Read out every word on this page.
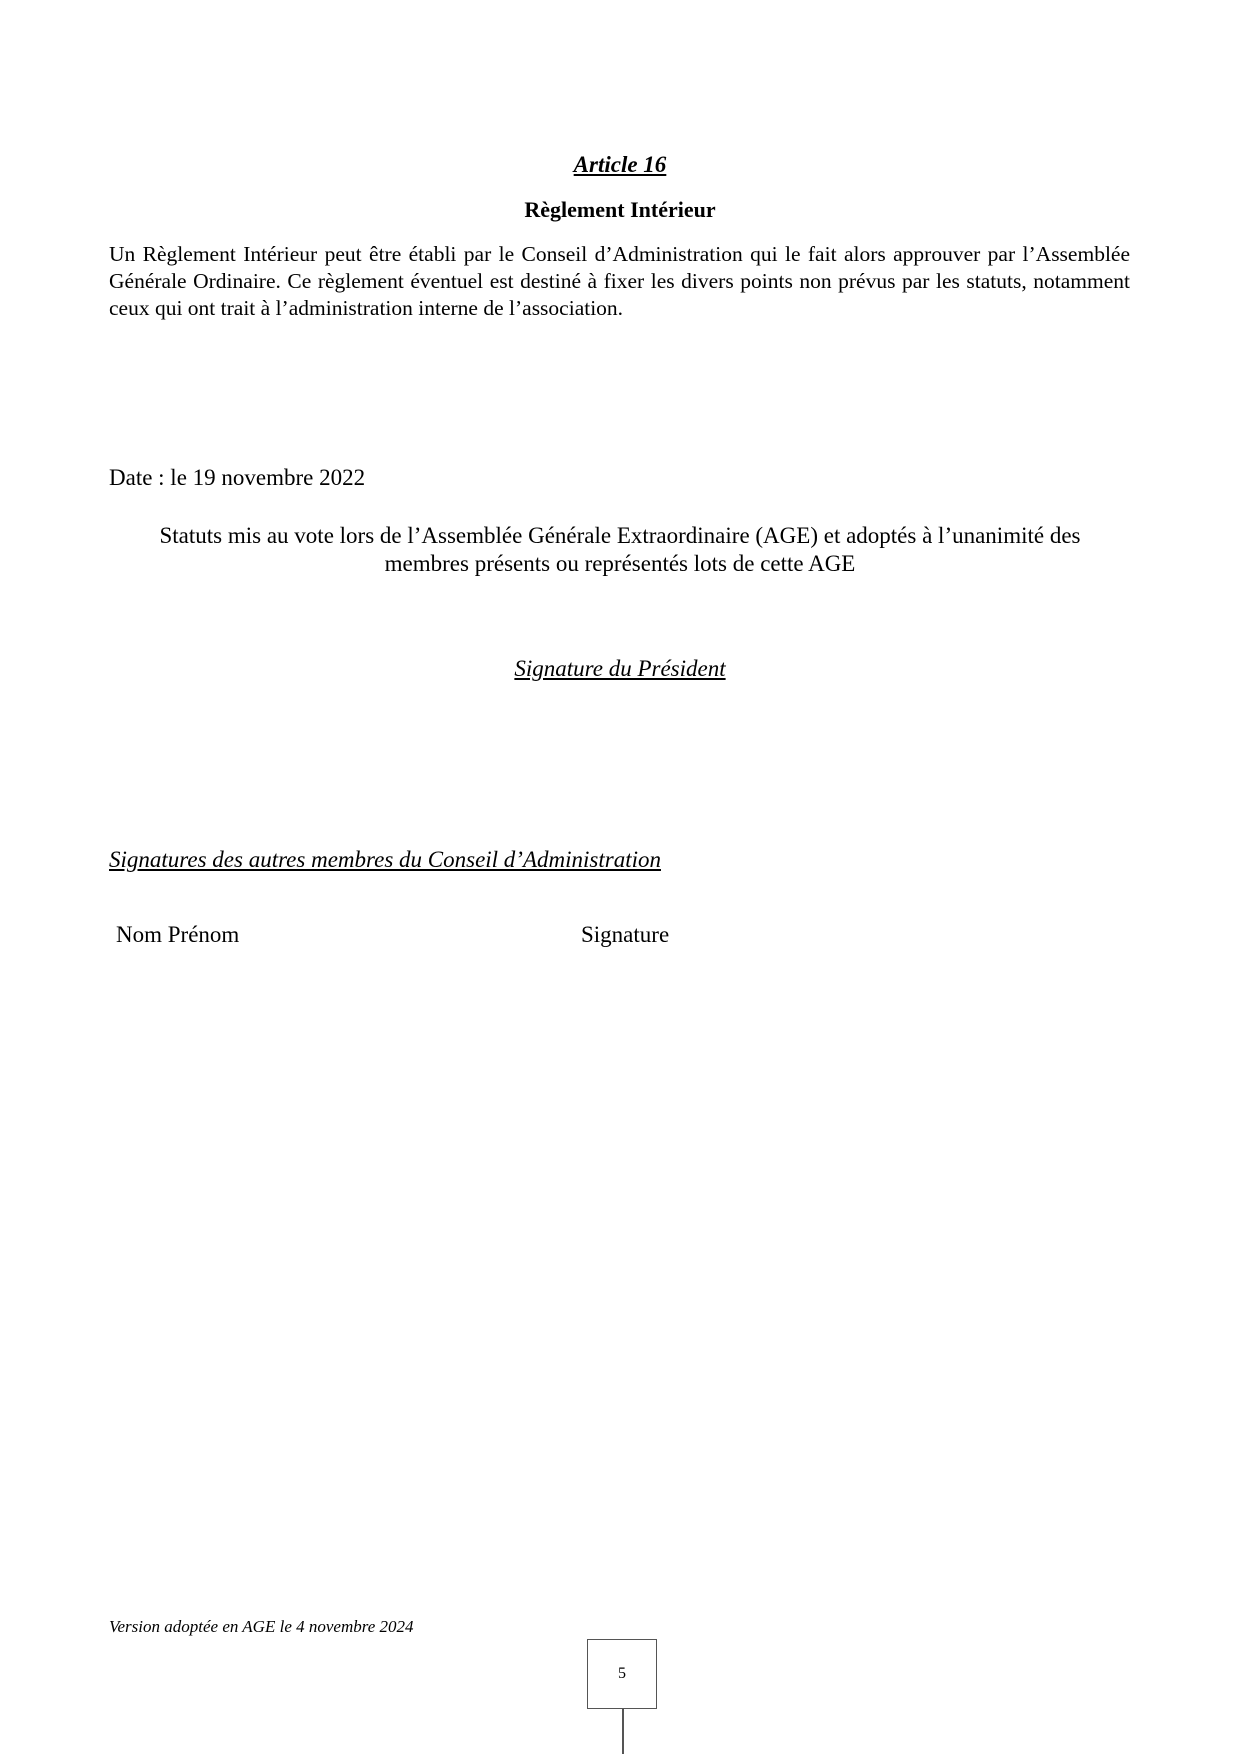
Article 16
Règlement Intérieur
Un Règlement Intérieur peut être établi par le Conseil d’Administration qui le fait alors approuver par l’Assemblée Générale Ordinaire. Ce règlement éventuel est destiné à fixer les divers points non prévus par les statuts, notamment ceux qui ont trait à l’administration interne de l’association.
Date : le 19 novembre 2022
Statuts mis au vote lors de l’Assemblée Générale Extraordinaire (AGE) et adoptés à l’unanimité des
membres présents ou représentés lots de cette AGE
Signature du Président
Signatures des autres membres du Conseil d’Administration
Nom Prénom	Signature
Version adoptée en AGE le 4 novembre 2024
5
